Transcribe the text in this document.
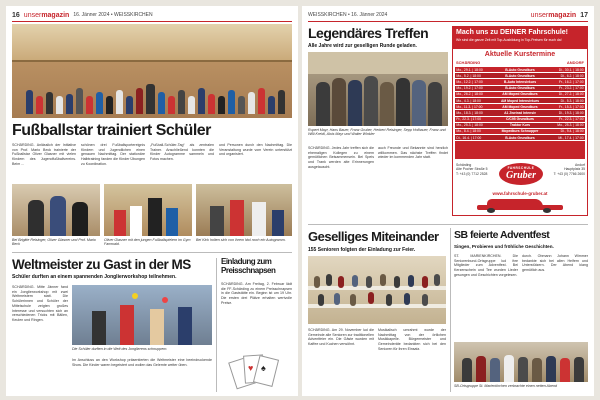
16 unsermagazin 16. Jänner 2024 • WEISSKIRCHEN
Fußballstar trainiert Schüler
SCHÄRDING. Anlässlich der Initiative von Prof. Mario Beck trainierte der Fußballstar Oliver Glasner mit vielen Kindern des Jugendfußballvereins. Beim ...
schönen drei Fußballsportereignis Kindern und Jugendlichen einen genauen Nachmittag. Der stationäre Halbtraining fanden die Kinder Übungen zu Koordination.
„Fußball-Schüler-Tag“ als zentralen Trainer. Anschließend konnten die Kinder Autogramme sammeln und Fotos machen.
und Personen durch den Nachmittag. Die Veranstaltung wurde vom Verein unterstützt und organisiert.
Bei Brigitte Reisinger, Oliver Glasner und Prof. Mario Beck
Oliver Glasner mit den jungen Fußballspielern im Gym Farnwald.
Bei Kick holten sich von ihrem Idol noch ein Autogramm.
Weltmeister zu Gast in der MS
Schüler durften an einem spannenden Jonglierworkshop teilnehmen.
SCHÄRDING. Mitte Jänner fand ein Jonglierworkshop mit zwei Weltmeistern statt. Die Schülerinnen und Schüler der Mittelschule zeigten großes Interesse und versuchten sich an verschiedenen Tricks mit Bällen, Keulen und Ringen.
Die Schüler durften in die Welt des Jonglierens schnuppern.
Im Anschluss an den Workshop präsentierten die Weltmeister eine beeindruckende Show. Die Kinder waren begeistert und wollen das Gelernte weiter üben.
Einladung zum Preisschnapsen
SCHÄRDING. Am Freitag, 2. Februar lädt die FF-Schärding zu einem Preisschnapsen in die Gaststätte ein. Beginn ist um 19 Uhr. Die ersten drei Plätze erhalten wertvolle Preise.
♥ ♠
WEISSKIRCHEN • 16. Jänner 2024	unsermagazin 17
Legendäres Treffen
Alle Jahre wird zur geselligen Runde geladen.
Rupert Mayr, Hans Bauer, Franz Gruber, Herbert Reisinger, Sepp Hofbauer, Franz und Willi Kreidl, Alois Mayr und Walter Winkler
SCHÄRDING. Jedes Jahr treffen sich die ehemaligen Kollegen zu einem gemütlichen Beisammensein. Bei Speis und Trank werden alte Erinnerungen ausgetauscht.
auch Freunde und Bekannte sind herzlich willkommen. Das nächste Treffen findet wieder im kommenden Jahr statt.
Mach uns zu DEINER Fahrschule!
Wir sind die ganze Zeit mit Top-Ausbildung in Top-Preisen für euch da!
Aktuelle Kurstermine
SCHÄRDING	ANDORF
Mo., 29.1. | 18:00	B-Auto Grundkurs	Di., 30.1. | 18:00
Mo., 5.2. | 18:00	B-Auto Grundkurs	Di., 6.2. | 18:00
Mo., 12.2. | 17:00	B-Auto Intensivkurs	Fr., 16.2. | 17:00
Mo., 19.2. | 17:00	B-Auto Grundkurs	Fr., 23.2. | 17:00
Mo., 26.2. | 18:00	AM Moped Grundkurs	Di., 27.2. | 18:00
Mo., 4.3. | 18:00	AM Moped Intensivkurs	Di., 5.3. | 18:00
Mo., 11.3. | 17:00	AM Moped Grundkurs	Fr., 15.3. | 17:00
Mo., 18.3. | 18:00	A1 Zweirad Intensiv	Di., 19.3. | 18:00
Fr., 22.3. | 17:00	C/C95 Grundkurs	Fr., 22.3. | 17:00
Mo., 25.3. | 18:00	Traktor Kurs	Mo., 25.3. | 18:00
Mo., 8.4. | 18:00	Mopedkurs Schnupper	Di., 9.4. | 18:00
Di., 16.4. | 17:00	B-Auto Grundkurs	Mi., 17.4. | 17:00
Schärding
Alte Pocher Straße 5
T: +43 (0) 7712 2528
FAHRSCHULE
Gruber
Andorf
Hauptplatz 35
T: +43 (0) 7766 2600
www.fahrschule-gruber.at
Geselliges Miteinander
155 Senioren folgten der Einladung zur Feier.
SCHÄRDING. Am 29. November lud die Gemeinde alle Senioren zur traditionellen Adventfeier ein. Die Gäste wurden mit Kaffee und Kuchen verwöhnt.
Musikalisch umrahmt wurde der Nachmittag von der örtlichen Musikkapelle. Bürgermeister und Gemeinderäte bedankten sich bei den Senioren für ihren Einsatz.
SB feierte Adventfest
Singen, Probieren und fröhliche Geschichten.
ST. MARIENKIRCHEN. Die Seniorenbund-Ortsgruppe lud ihre Mitglieder zum Adventfest. Bei Kerzenschein und Tee wurden Lieder gesungen und Geschichten vorgelesen.
durch. Obmann Johann Wimmer bedankte sich bei allen Helfern und Unterstützern. Der Abend klang gemütlich aus.
SB-Ortsgruppe St. Marienkirchen verbrachte einen netten Abend
